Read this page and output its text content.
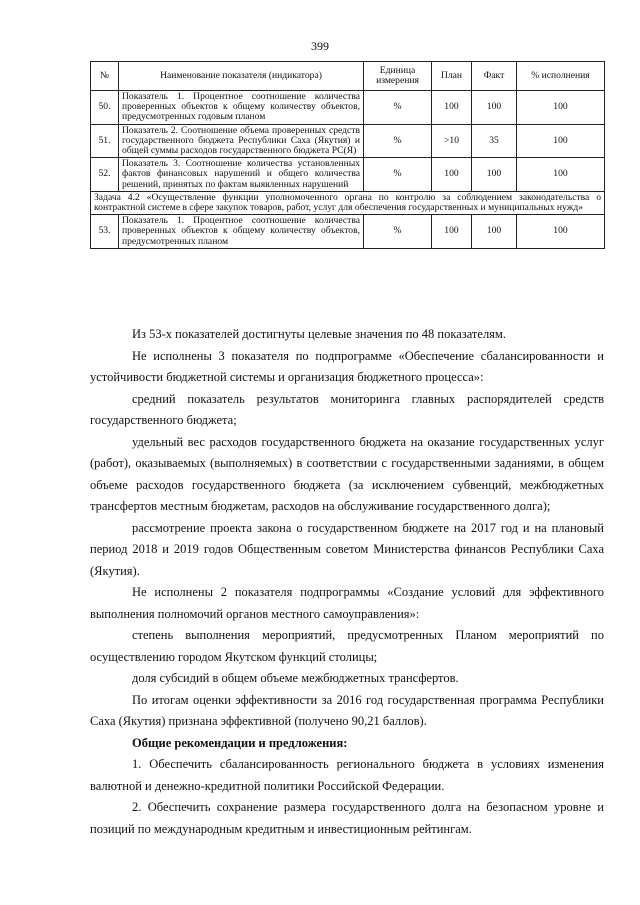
399
№	Наименование показателя (индикатора)	Единица измерения	План	Факт	% исполнения
50.	Показатель 1. Процентное соотношение количества проверенных объектов к общему количеству объектов, предусмотренных годовым планом	%	100	100	100
51.	Показатель 2. Соотношение объема проверенных средств государственного бюджета Республики Саха (Якутия) и общей суммы расходов государственного бюджета РС(Я)	%	>10	35	100
52.	Показатель 3. Соотношение количества установленных фактов финансовых нарушений и общего количества решений, принятых по фактам выявленных нарушений	%	100	100	100
Задача 4.2 «Осуществление функции уполномоченного органа по контролю за соблюдением законодательства о контрактной системе в сфере закупок товаров, работ, услуг для обеспечения государственных и муниципальных нужд»					
53.	Показатель 1. Процентное соотношение количества проверенных объектов к общему количеству объектов, предусмотренных планом	%	100	100	100

Из 53-х показателей достигнуты целевые значения по 48 показателям.

Не исполнены 3 показателя по подпрограмме «Обеспечение сбалансированности и устойчивости бюджетной системы и организация бюджетного процесса»:

средний показатель результатов мониторинга главных распорядителей средств государственного бюджета;

удельный вес расходов государственного бюджета на оказание государственных услуг (работ), оказываемых (выполняемых) в соответствии с государственными заданиями, в общем объеме расходов государственного бюджета (за исключением субвенций, межбюджетных трансфертов местным бюджетам, расходов на обслуживание государственного долга);

рассмотрение проекта закона о государственном бюджете на 2017 год и на плановый период 2018 и 2019 годов Общественным советом Министерства финансов Республики Саха (Якутия).

Не исполнены 2 показателя подпрограммы «Создание условий для эффективного выполнения полномочий органов местного самоуправления»:

степень выполнения мероприятий, предусмотренных Планом мероприятий по осуществлению городом Якутском функций столицы;

доля субсидий в общем объеме межбюджетных трансфертов.

По итогам оценки эффективности за 2016 год государственная программа Республики Саха (Якутия) признана эффективной (получено 90,21 баллов).

Общие рекомендации и предложения:

1. Обеспечить сбалансированность регионального бюджета в условиях изменения валютной и денежно-кредитной политики Российской Федерации.

2. Обеспечить сохранение размера государственного долга на безопасном уровне и позиций по международным кредитным и инвестиционным рейтингам.
